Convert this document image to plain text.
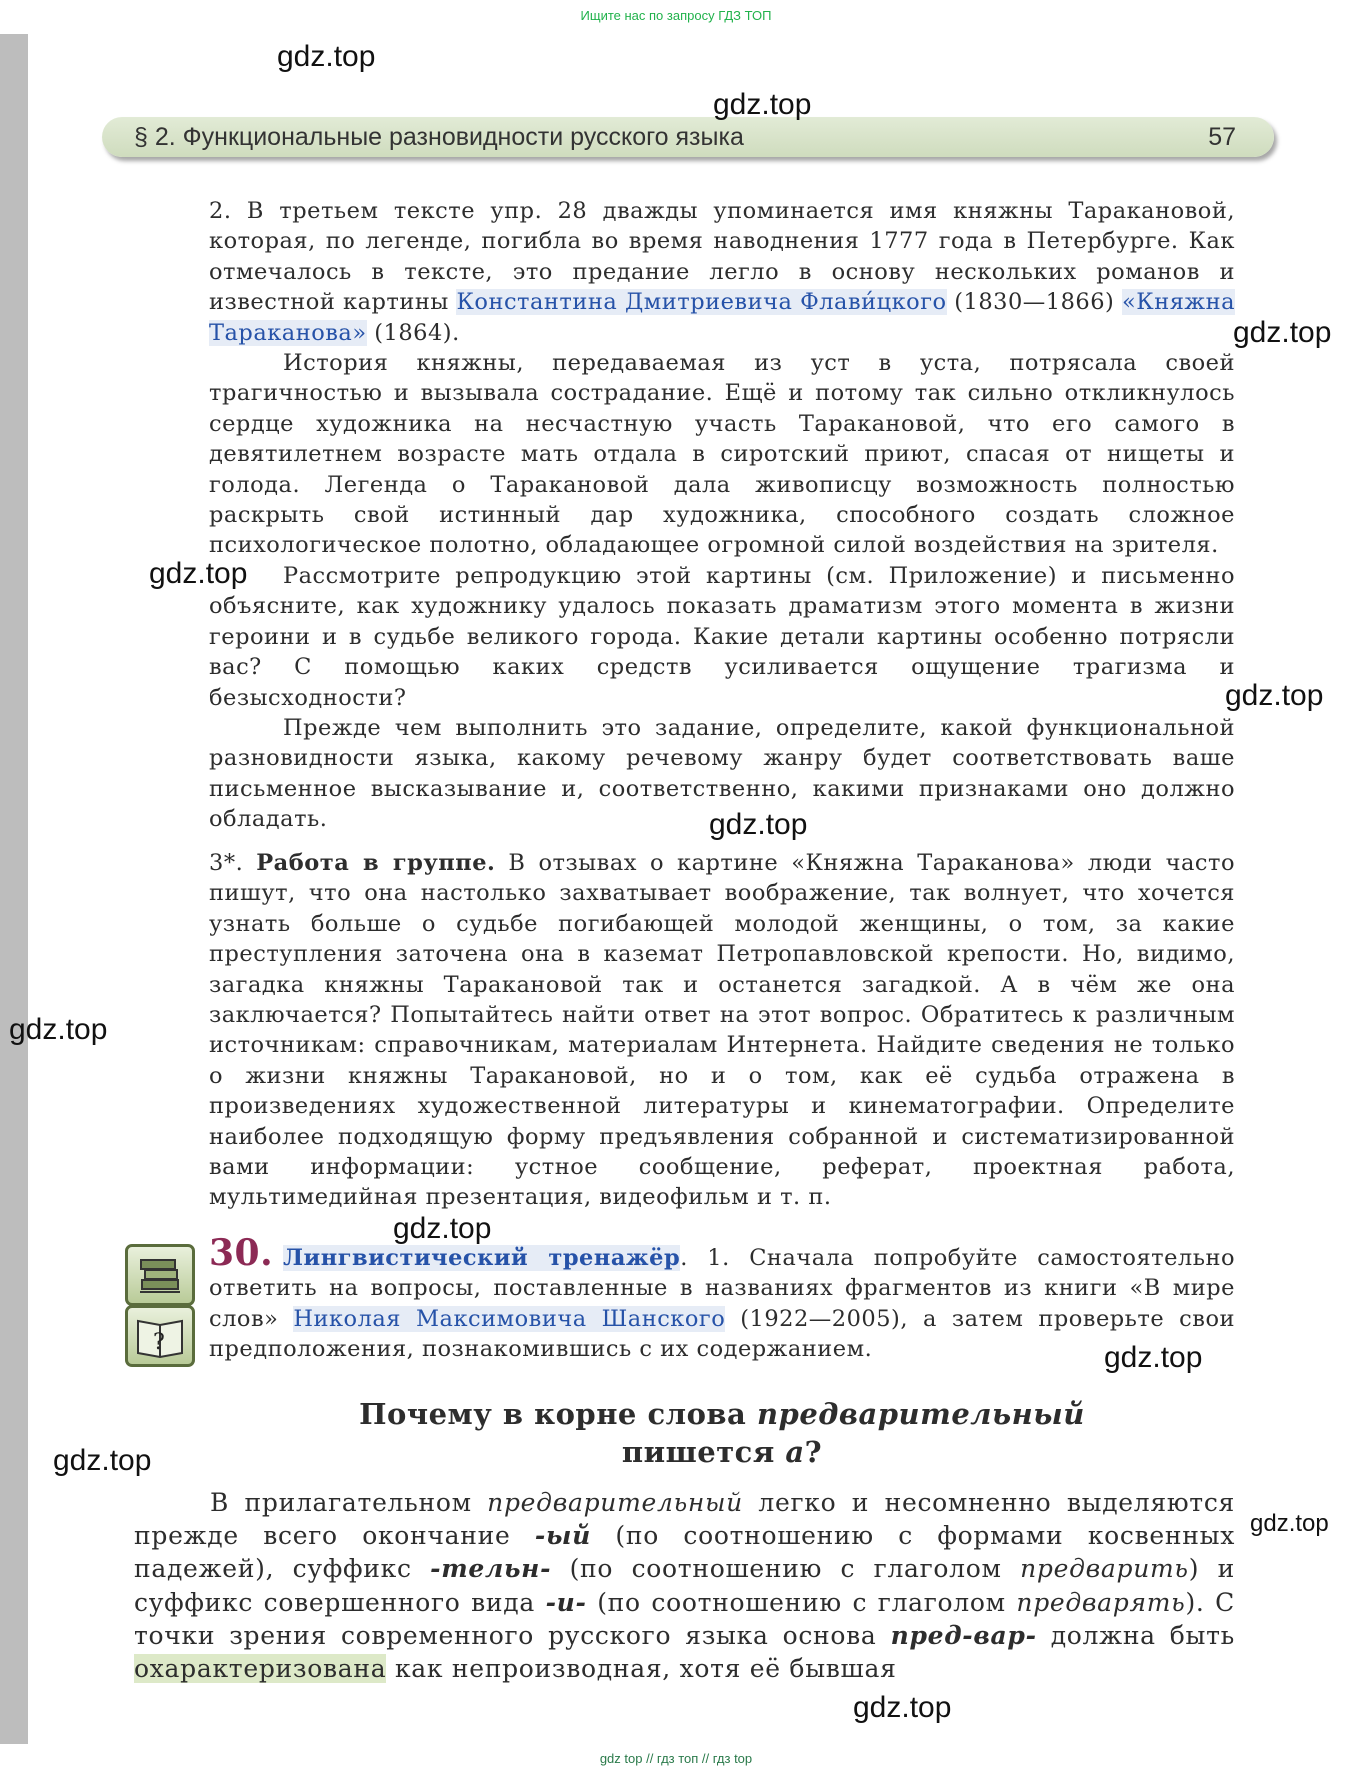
Ищите нас по запросу ГДЗ ТОП
§ 2. Функциональные разновидности русского языка	57
2. В третьем тексте упр. 28 дважды упоминается имя княжны Таракановой, которая, по легенде, погибла во время наводнения 1777 года в Петербурге. Как отмечалось в тексте, это предание легло в основу нескольких романов и известной картины Константина Дмитриевича Флави́цкого (1830—1866) «Княжна Тараканова» (1864).
История княжны, передаваемая из уст в уста, потрясала своей трагичностью и вызывала сострадание. Ещё и потому так сильно откликнулось сердце художника на несчастную участь Таракановой, что его самого в девятилетнем возрасте мать отдала в сиротский приют, спасая от нищеты и голода. Легенда о Таракановой дала живописцу возможность полностью раскрыть свой истинный дар художника, способного создать сложное психологическое полотно, обладающее огромной силой воздействия на зрителя.
Рассмотрите репродукцию этой картины (см. Приложение) и письменно объясните, как художнику удалось показать драматизм этого момента в жизни героини и в судьбе великого города. Какие детали картины особенно потрясли вас? С помощью каких средств усиливается ощущение трагизма и безысходности?
Прежде чем выполнить это задание, определите, какой функциональной разновидности языка, какому речевому жанру будет соответствовать ваше письменное высказывание и, соответственно, какими признаками оно должно обладать.
3*. Работа в группе. В отзывах о картине «Княжна Тараканова» люди часто пишут, что она настолько захватывает воображение, так волнует, что хочется узнать больше о судьбе погибающей молодой женщины, о том, за какие преступления заточена она в каземат Петропавловской крепости. Но, видимо, загадка княжны Таракановой так и останется загадкой. А в чём же она заключается? Попытайтесь найти ответ на этот вопрос. Обратитесь к различным источникам: справочникам, материалам Интернета. Найдите сведения не только о жизни княжны Таракановой, но и о том, как её судьба отражена в произведениях художественной литературы и кинематографии. Определите наиболее подходящую форму предъявления собранной и систематизированной вами информации: устное сообщение, реферат, проектная работа, мультимедийная презентация, видеофильм и т. п.
?
30. Лингвистический тренажёр. 1. Сначала попробуйте самостоятельно ответить на вопросы, поставленные в названиях фрагментов из книги «В мире слов» Николая Максимовича Шанского (1922—2005), а затем проверьте свои предположения, познакомившись с их содержанием.
Почему в корне слова предварительный
пишется а?
В прилагательном предварительный легко и несомненно выделяются прежде всего окончание -ый (по соотношению с формами косвенных падежей), суффикс -тельн- (по соотношению с глаголом предварить) и суффикс совершенного вида -и- (по соотношению с глаголом предварять). С точки зрения современного русского языка основа пред-вар- должна быть охарактеризована как непроизводная, хотя её бывшая
gdz.top
gdz.top
gdz.top
gdz.top
gdz.top
gdz.top
gdz.top
gdz.top
gdz.top
gdz.top
gdz.top
gdz.top
gdz top // гдз топ // гдз top
